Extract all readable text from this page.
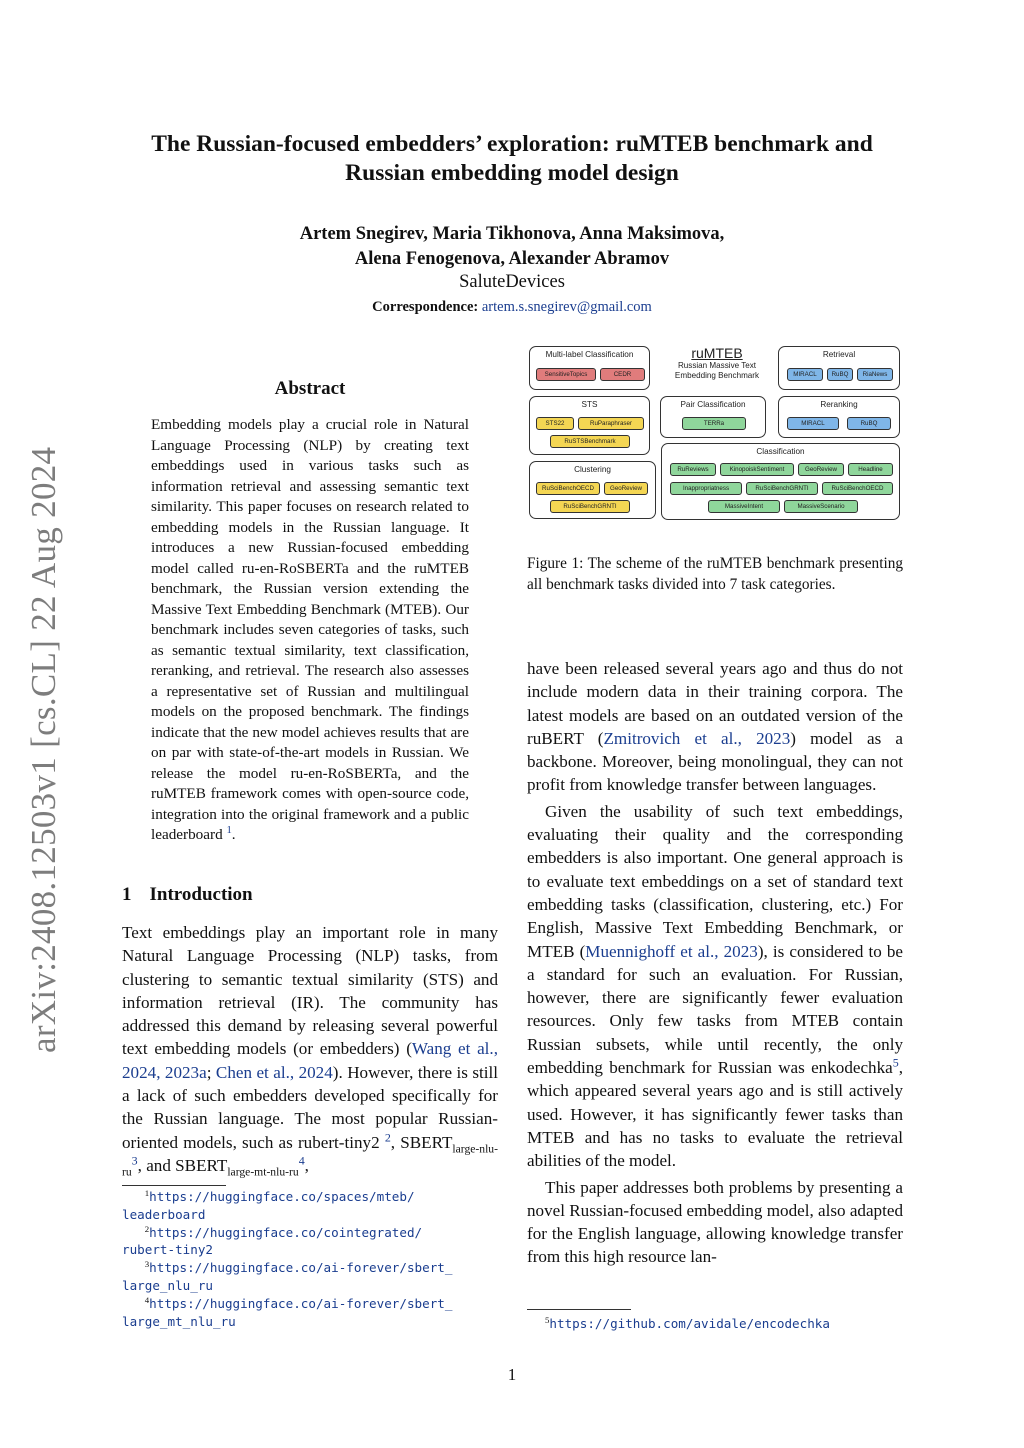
arXiv:2408.12503v1 [cs.CL] 22 Aug 2024
The Russian-focused embedders’ exploration: ruMTEB benchmark and
Russian embedding model design
Artem Snegirev, Maria Tikhonova, Anna Maksimova,
Alena Fenogenova, Alexander Abramov
SaluteDevices
Correspondence: artem.s.snegirev@gmail.com
Abstract
Embedding models play a crucial role in Natural Language Processing (NLP) by creating text embeddings used in various tasks such as information retrieval and assessing semantic text similarity. This paper focuses on research related to embedding models in the Russian language. It introduces a new Russian-focused embedding model called ru-en-RoSBERTa and the ruMTEB benchmark, the Russian version extending the Massive Text Embedding Benchmark (MTEB). Our benchmark includes seven categories of tasks, such as semantic textual similarity, text classification, reranking, and retrieval. The research also assesses a representative set of Russian and multilingual models on the proposed benchmark. The findings indicate that the new model achieves results that are on par with state-of-the-art models in Russian. We release the model ru-en-RoSBERTa, and the ruMTEB framework comes with open-source code, integration into the original framework and a public leaderboard $^1$.
1 Introduction
Text embeddings play an important role in many Natural Language Processing (NLP) tasks, from clustering to semantic textual similarity (STS) and information retrieval (IR). The community has addressed this demand by releasing several powerful text embedding models (or embedders) (Wang et al., 2024, 2023a; Chen et al., 2024). However, there is still a lack of such embedders developed specifically for the Russian language. The most popular Russian-oriented models, such as rubert-tiny2 $^2$, $SBERT_{large-nlu-ru}^3$, and $SBERT_{large-mt-nlu-ru}^4$,
$^1$https://huggingface.co/spaces/mteb/
leaderboard
$^2$https://huggingface.co/cointegrated/
rubert-tiny2
$^3$https://huggingface.co/ai-forever/sbert_
large_nlu_ru
$^4$https://huggingface.co/ai-forever/sbert_
large_mt_nlu_ru
Multi-label Classification
SensitiveTopics	CEDR
ruMTEB
Russian Massive Text
Embedding Benchmark
Retrieval
MIRACL	RuBQ	RiaNews
STS
STS22	RuParaphraser
RuSTSBenchmark
Pair Classification
TERRa
Reranking
MIRACL	RuBQ
Clustering
RuSciBenchOECD	GeoReview
RuSciBenchGRNTI
Classification
RuReviews	KinopoiskSentiment	GeoReview	Headline
Inappropriatness	RuSciBenchGRNTI	RuSciBenchOECD
MassiveIntent	MassiveScenario
Figure 1: The scheme of the ruMTEB benchmark presenting all benchmark tasks divided into 7 task categories.

have been released several years ago and thus do not include modern data in their training corpora. The latest models are based on an outdated version of the ruBERT (Zmitrovich et al., 2023) model as a backbone. Moreover, being monolingual, they can not profit from knowledge transfer between languages.

Given the usability of such text embeddings, evaluating their quality and the corresponding embedders is also important. One general approach is to evaluate text embeddings on a set of standard text embedding tasks (classification, clustering, etc.) For English, Massive Text Embedding Benchmark, or MTEB (Muennighoff et al., 2023), is considered to be a standard for such an evaluation. For Russian, however, there are significantly fewer evaluation resources. Only few tasks from MTEB contain Russian subsets, while until recently, the only embedding benchmark for Russian was enkodechka$^5$, which appeared several years ago and is still actively used. However, it has significantly fewer tasks than MTEB and has no tasks to evaluate the retrieval abilities of the model.

This paper addresses both problems by presenting a novel Russian-focused embedding model, also adapted for the English language, allowing knowledge transfer from this high resource lan-

$^5$https://github.com/avidale/encodechka
1
